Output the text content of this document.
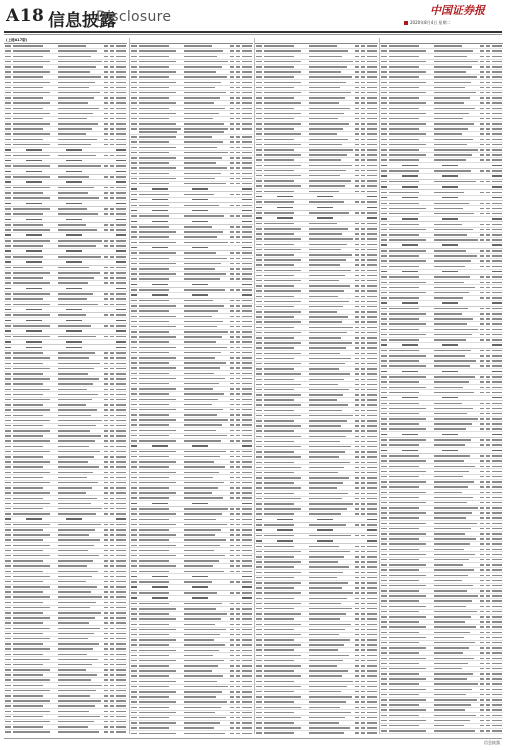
A18 信息披露
Disclosure	中国证券报
2020年8月4日 星期二
(上接A17版)
信息披露
